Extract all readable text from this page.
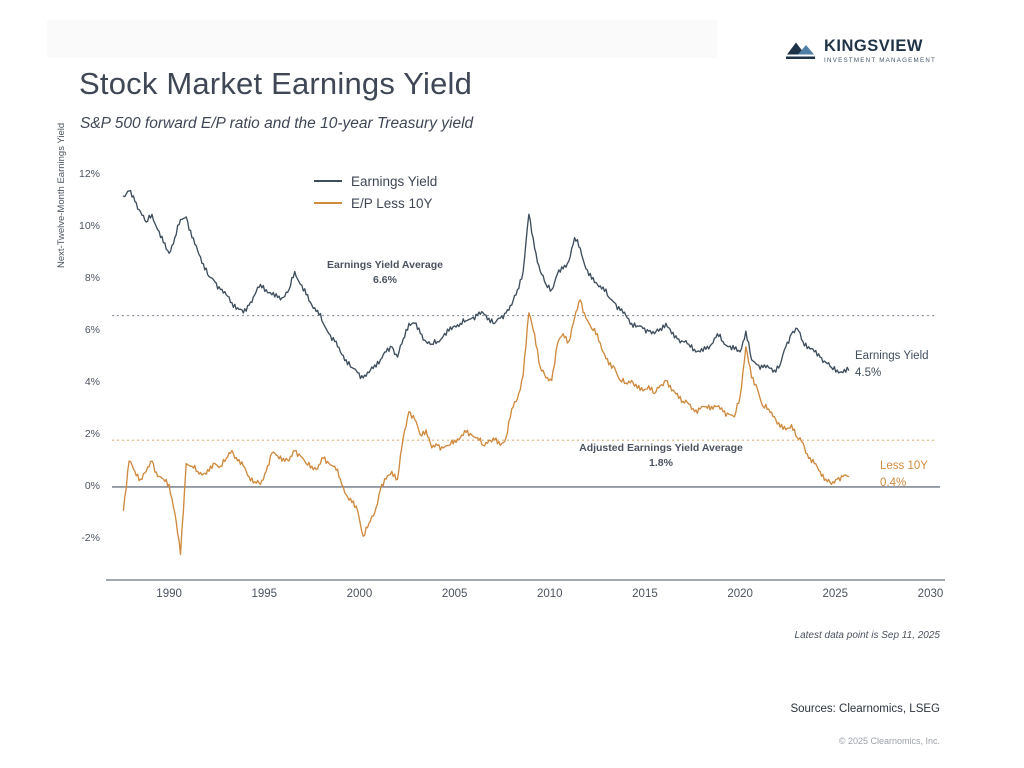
KINGSVIEW
INVESTMENT MANAGEMENT
Stock Market Earnings Yield
S&P 500 forward E/P ratio and the 10-year Treasury yield
Next-Twelve-Month Earnings Yield	Earnings Yield
E/P Less 10Y
Earnings Yield Average
6.6%
Adjusted Earnings Yield Average
1.8%
Earnings Yield
4.5%
Less 10Y
0.4%
Latest data point is Sep 11, 2025
Sources: Clearnomics, LSEG
© 2025 Clearnomics, Inc.
-2%
0%
2%
4%
6%
8%
10%
12%
1990	1995	2000	2005	2010	2015	2020	2025	2030
